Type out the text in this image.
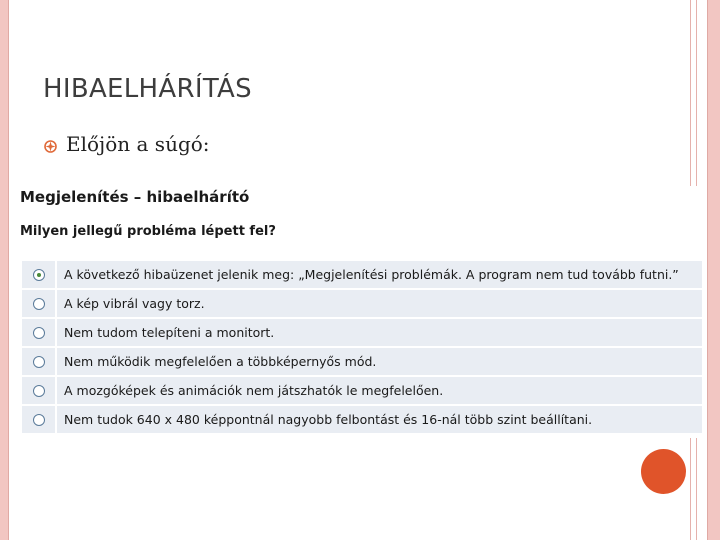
HIBAELHÁRÍTÁS
Előjön a súgó:
Megjelenítés – hibaelhárító
Milyen jellegű probléma lépett fel?
A következő hibaüzenet jelenik meg: „Megjelenítési problémák. A program nem tud tovább futni.”
A kép vibrál vagy torz.
Nem tudom telepíteni a monitort.
Nem működik megfelelően a többképernyős mód.
A mozgóképek és animációk nem játszhatók le megfelelően.
Nem tudok 640 x 480 képpontnál nagyobb felbontást és 16-nál több szint beállítani.
